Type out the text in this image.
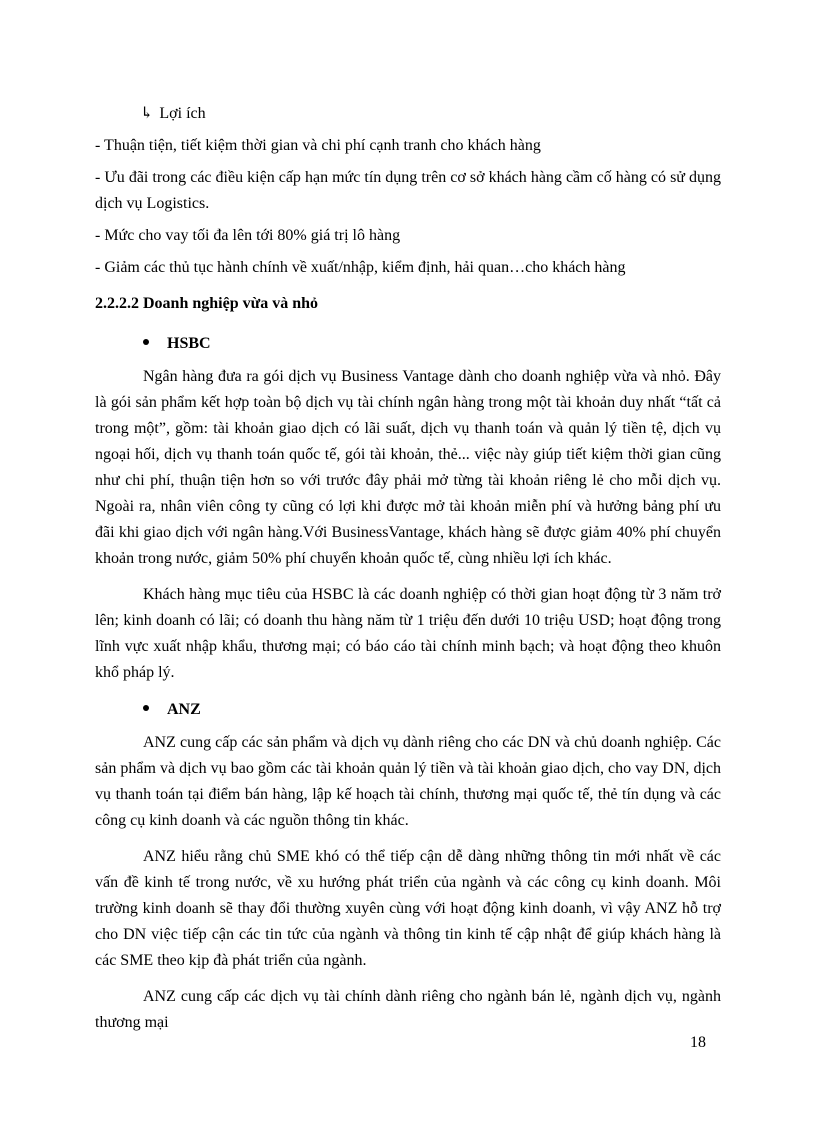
↳ Lợi ích

- Thuận tiện, tiết kiệm thời gian và chi phí cạnh tranh cho khách hàng

- Ưu đãi trong các điều kiện cấp hạn mức tín dụng trên cơ sở khách hàng cầm cố hàng có sử dụng dịch vụ Logistics.

- Mức cho vay tối đa lên tới 80% giá trị lô hàng

- Giảm các thủ tục hành chính về xuất/nhập, kiểm định, hải quan…cho khách hàng

2.2.2.2 Doanh nghiệp vừa và nhỏ
HSBC

Ngân hàng đưa ra gói dịch vụ Business Vantage dành cho doanh nghiệp vừa và nhỏ. Đây là gói sản phẩm kết hợp toàn bộ dịch vụ tài chính ngân hàng trong một tài khoản duy nhất “tất cả trong một”, gồm: tài khoản giao dịch có lãi suất, dịch vụ thanh toán và quản lý tiền tệ, dịch vụ ngoại hối, dịch vụ thanh toán quốc tế, gói tài khoản, thẻ... việc này giúp tiết kiệm thời gian cũng như chi phí, thuận tiện hơn so với trước đây phải mở từng tài khoản riêng lẻ cho mỗi dịch vụ. Ngoài ra, nhân viên công ty cũng có lợi khi được mở tài khoản miễn phí và hưởng bảng phí ưu đãi khi giao dịch với ngân hàng.Với BusinessVantage, khách hàng sẽ được giảm 40% phí chuyển khoản trong nước, giảm 50% phí chuyển khoản quốc tế, cùng nhiều lợi ích khác.

Khách hàng mục tiêu của HSBC là các doanh nghiệp có thời gian hoạt động từ 3 năm trở lên; kinh doanh có lãi; có doanh thu hàng năm từ 1 triệu đến dưới 10 triệu USD; hoạt động trong lĩnh vực xuất nhập khẩu, thương mại; có báo cáo tài chính minh bạch; và hoạt động theo khuôn khổ pháp lý.

ANZ

ANZ cung cấp các sản phẩm và dịch vụ dành riêng cho các DN và chủ doanh nghiệp. Các sản phẩm và dịch vụ bao gồm các tài khoản quản lý tiền và tài khoản giao dịch, cho vay DN, dịch vụ thanh toán tại điểm bán hàng, lập kế hoạch tài chính, thương mại quốc tế, thẻ tín dụng và các công cụ kinh doanh và các nguồn thông tin khác.

ANZ hiểu rằng chủ SME khó có thể tiếp cận dễ dàng những thông tin mới nhất về các vấn đề kinh tế trong nước, về xu hướng phát triển của ngành và các công cụ kinh doanh. Môi trường kinh doanh sẽ thay đổi thường xuyên cùng với hoạt động kinh doanh, vì vậy ANZ hỗ trợ cho DN việc tiếp cận các tin tức của ngành và thông tin kinh tế cập nhật để giúp khách hàng là các SME theo kịp đà phát triển của ngành.

ANZ cung cấp các dịch vụ tài chính dành riêng cho ngành bán lẻ, ngành dịch vụ, ngành thương mại

18
